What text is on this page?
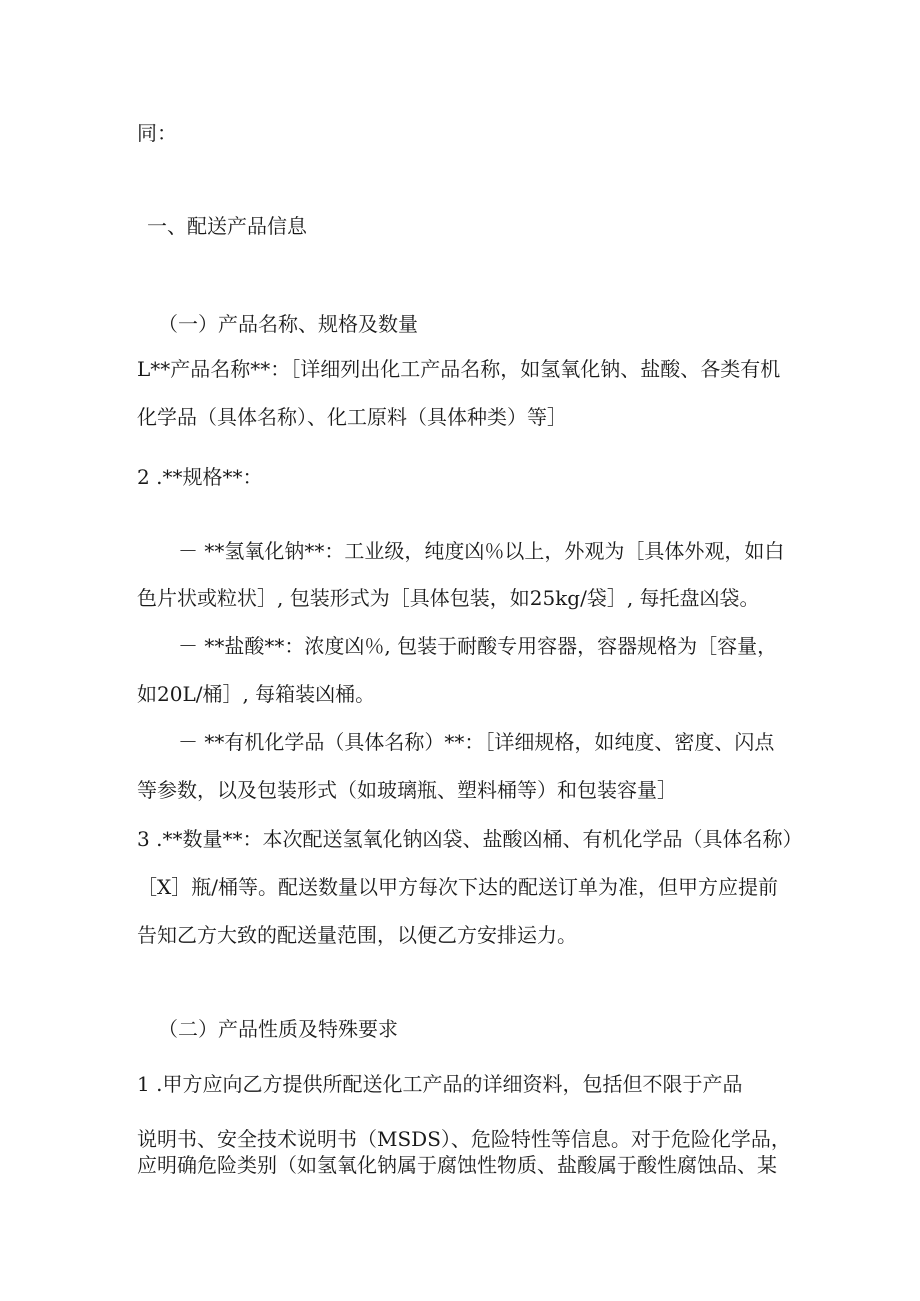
同：

一、配送产品信息

（一）产品名称、规格及数量

L**产品名称**：［详细列出化工产品名称，如氢氧化钠、盐酸、各类有机

化学品（具体名称）、化工原料（具体种类）等］

2 .**规格**：

－ **氢氧化钠**：工业级，纯度凶％以上，外观为［具体外观，如白

色片状或粒状］, 包装形式为［具体包装，如25kg/袋］, 每托盘凶袋。

－ **盐酸**：浓度凶％, 包装于耐酸专用容器，容器规格为［容量，

如20L/桶］, 每箱装凶桶。

－ **有机化学品（具体名称）**：［详细规格，如纯度、密度、闪点

等参数，以及包装形式（如玻璃瓶、塑料桶等）和包装容量］

3 .**数量**：本次配送氢氧化钠凶袋、盐酸凶桶、有机化学品（具体名称）

［X］瓶/桶等。配送数量以甲方每次下达的配送订单为准，但甲方应提前

告知乙方大致的配送量范围，以便乙方安排运力。

（二）产品性质及特殊要求

1 .甲方应向乙方提供所配送化工产品的详细资料，包括但不限于产品

说明书、安全技术说明书（MSDS）、危险特性等信息。对于危险化学品，

应明确危险类别（如氢氧化钠属于腐蚀性物质、盐酸属于酸性腐蚀品、某
